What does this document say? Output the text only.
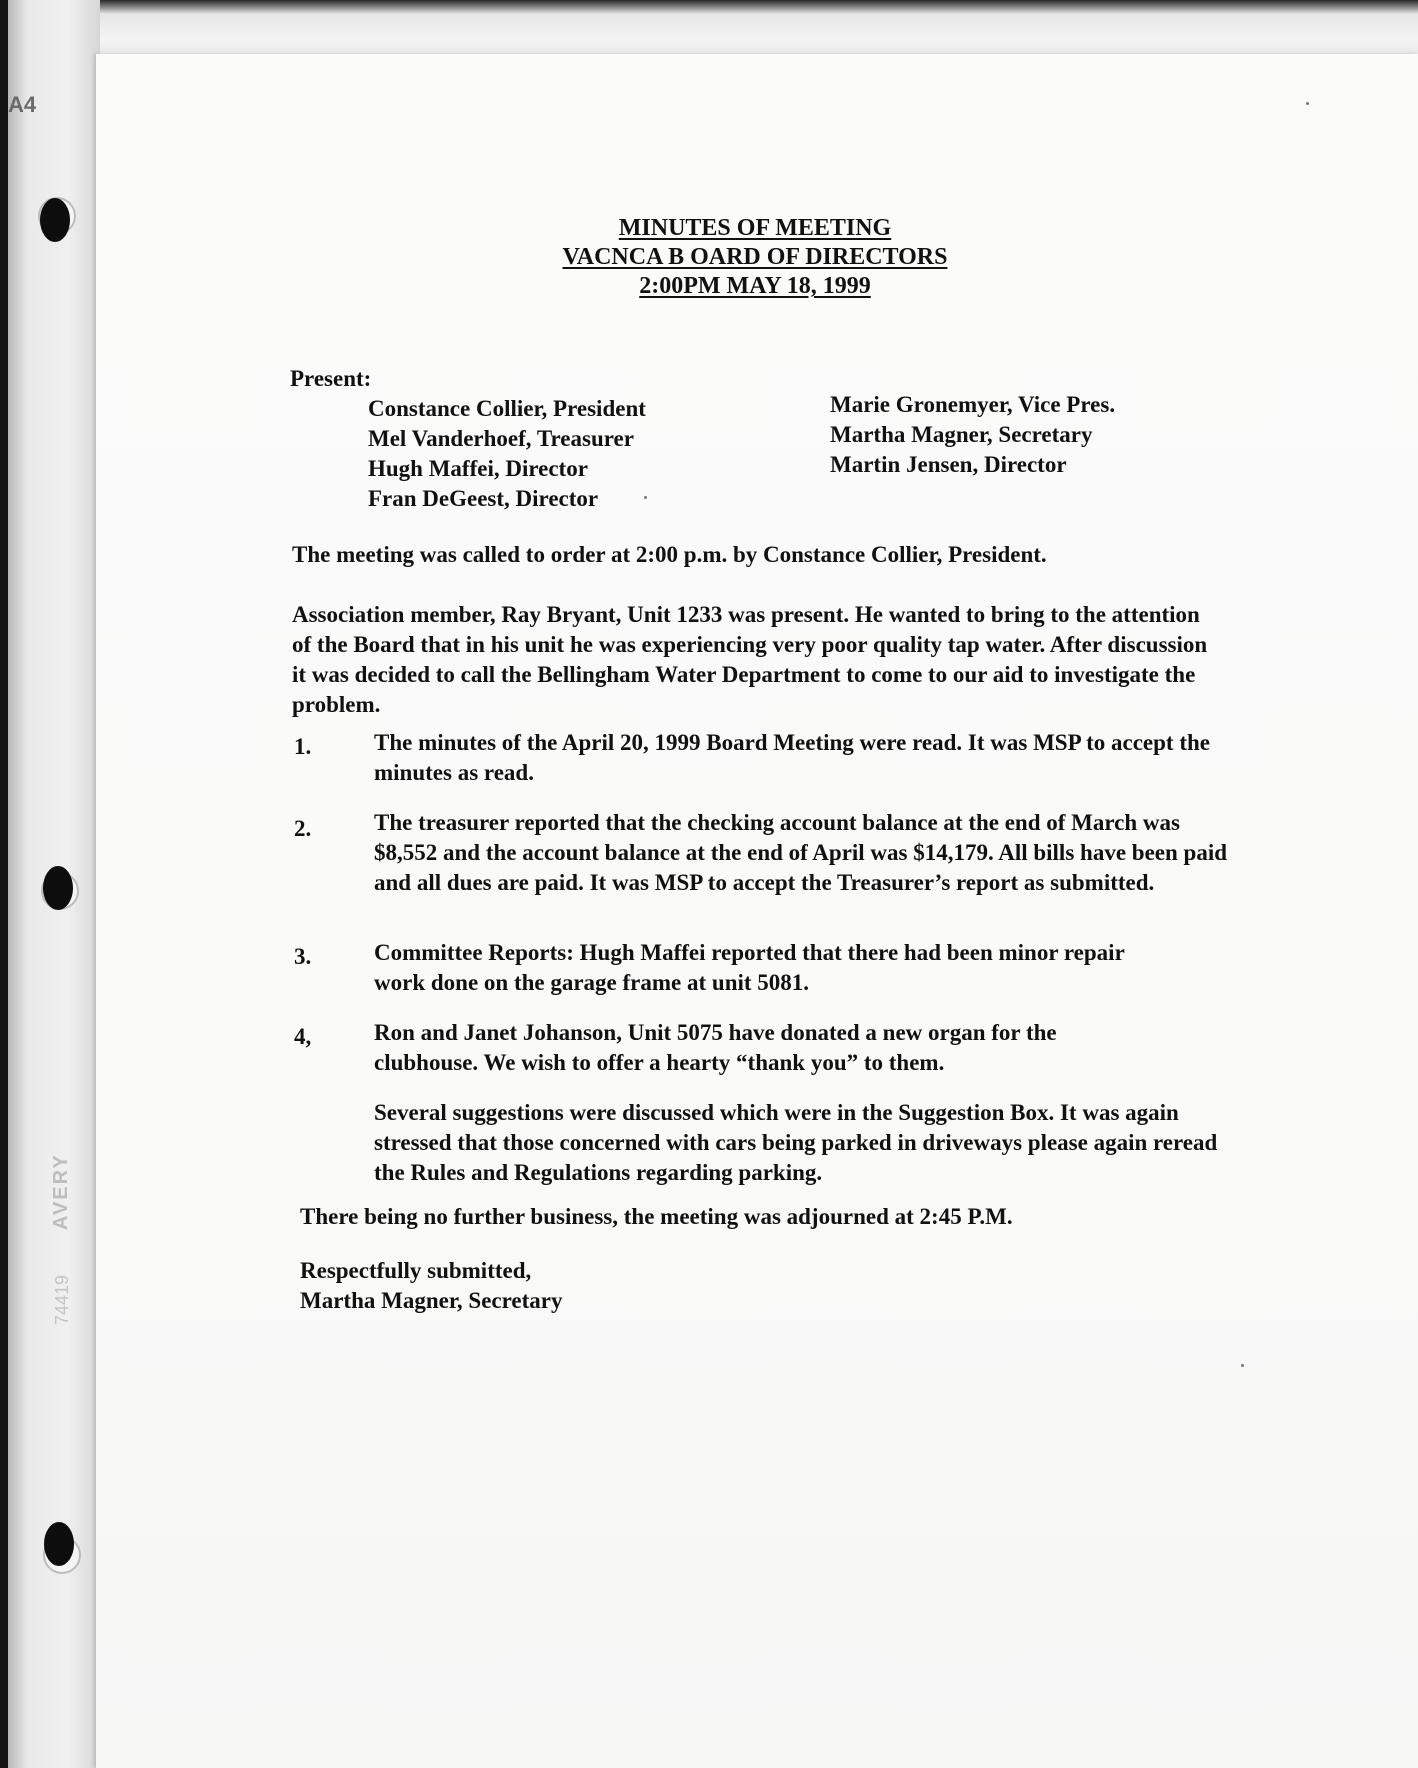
A4
AVERY
74419
MINUTES OF MEETING
VACNCA B OARD OF DIRECTORS
2:00PM MAY 18, 1999
Present:
Constance Collier, President
Mel Vanderhoef, Treasurer
Hugh Maffei, Director
Fran DeGeest, Director
Marie Gronemyer, Vice Pres.
Martha Magner, Secretary
Martin Jensen, Director
The meeting was called to order at 2:00 p.m. by Constance Collier, President.
Association member, Ray Bryant, Unit 1233 was present. He wanted to bring to the attention of the Board that in his unit he was experiencing very poor quality tap water. After discussion it was decided to call the Bellingham Water Department to come to our aid to investigate the problem.
1.	The minutes of the April 20, 1999 Board Meeting were read. It was MSP to accept the minutes as read.
2.	The treasurer reported that the checking account balance at the end of March was $8,552 and the account balance at the end of April was $14,179. All bills have been paid and all dues are paid. It was MSP to accept the Treasurer’s report as submitted.
3.	Committee Reports: Hugh Maffei reported that there had been minor repair work done on the garage frame at unit 5081.
4,	Ron and Janet Johanson, Unit 5075 have donated a new organ for the clubhouse. We wish to offer a hearty “thank you” to them.
Several suggestions were discussed which were in the Suggestion Box. It was again stressed that those concerned with cars being parked in driveways please again reread the Rules and Regulations regarding parking.
There being no further business, the meeting was adjourned at 2:45 P.M.
Respectfully submitted,
Martha Magner, Secretary
